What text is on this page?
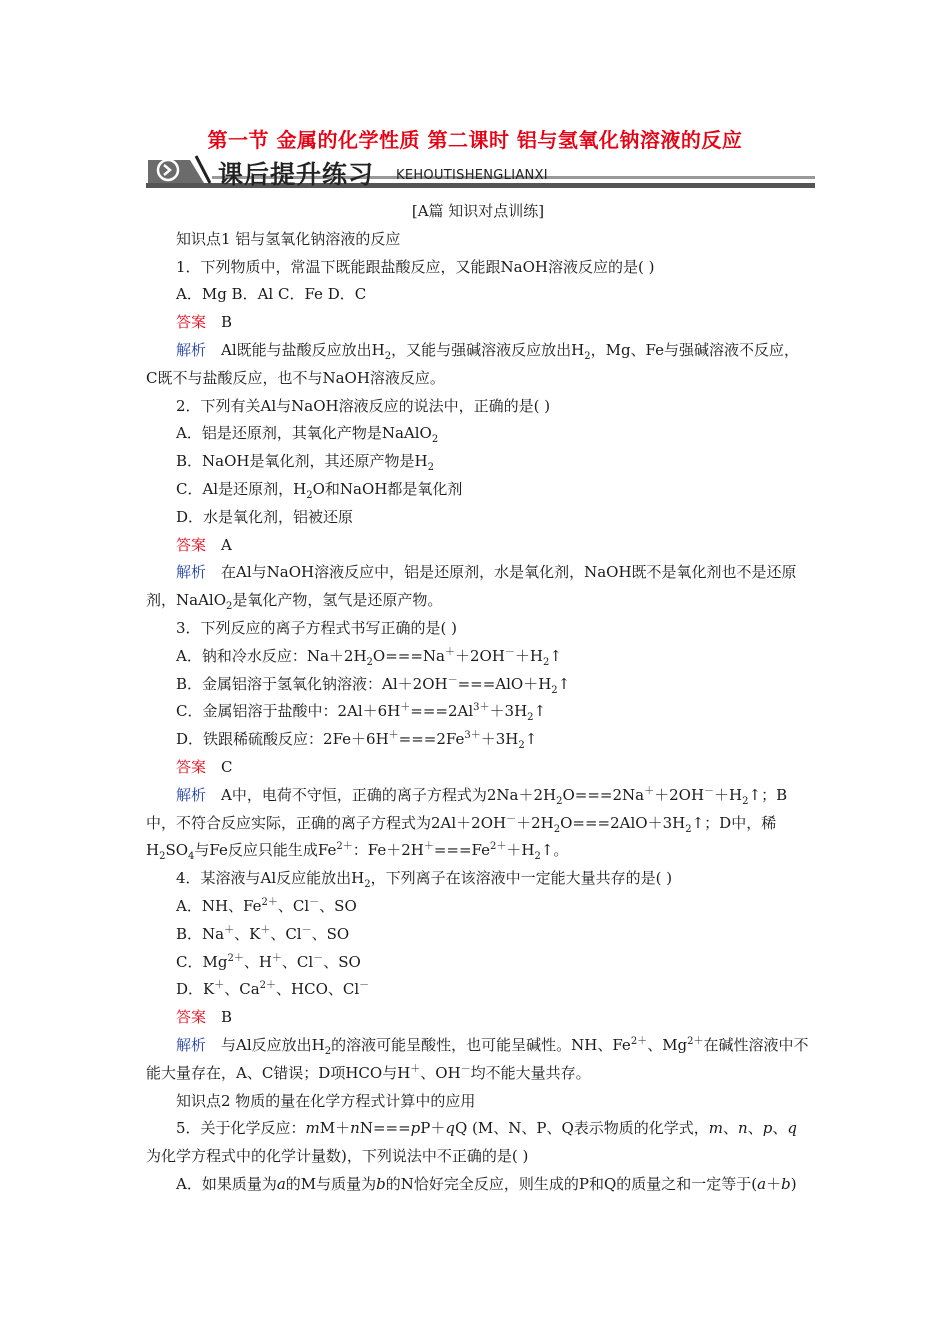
第一节 金属的化学性质 第二课时 铝与氢氧化钠溶液的反应
课后提升练习 KEHOUTISHENGLIANXI

[A篇 知识对点训练]

知识点1 铝与氢氧化钠溶液的反应

1．下列物质中，常温下既能跟盐酸反应，又能跟NaOH溶液反应的是( )

A．Mg B．Al C．Fe D．C

答案　 B

解析　 Al既能与盐酸反应放出$H_2$，又能与强碱溶液反应放出$H_2$，Mg、Fe与强碱溶液不反应，C既不与盐酸反应，也不与NaOH溶液反应。

2．下列有关Al与NaOH溶液反应的说法中，正确的是( )

A．铝是还原剂，其氧化产物是NaAlO$_2$

B．NaOH是氧化剂，其还原产物是$H_2$

C．Al是还原剂，$H_2O$和NaOH都是氧化剂

D．水是氧化剂，铝被还原

答案　 A

解析　 在Al与NaOH溶液反应中，铝是还原剂，水是氧化剂，NaOH既不是氧化剂也不是还原剂，NaAlO$_2$是氧化产物，氢气是还原产物。

3．下列反应的离子方程式书写正确的是( )

A．钠和冷水反应：$Na+2H_2O===Na^++2OH^-+H_2↑$

B．金属铝溶于氢氧化钠溶液：$Al+2OH^-===AlO+H_2↑$

C．金属铝溶于盐酸中：$2Al+6H^+===2Al^{3+}+3H_2↑$

D．铁跟稀硫酸反应：$2Fe+6H^+===2Fe^{3+}+3H_2↑$

答案　 C

解析　 A中，电荷不守恒，正确的离子方程式为$2Na+2H_2O===2Na^++2OH^-+H_2↑$；B中，不符合反应实际，正确的离子方程式为$2Al+2OH^-+2H_2O===2AlO+3H_2↑$；D中，稀$H_2SO_4$与Fe反应只能生成$Fe^{2+}$：$Fe+2H^+===Fe^{2+}+H_2↑$。

4．某溶液与Al反应能放出$H_2$，下列离子在该溶液中一定能大量共存的是( )

A．NH、$Fe^{2+}$、Cl－、SO

B．Na＋、K＋、Cl－、SO

C．$Mg^{2+}$、H＋、Cl－、SO

D．K＋、$Ca^{2+}$、HCO、Cl－

答案　 B

解析　 与Al反应放出$H_2$的溶液可能呈酸性，也可能呈碱性。NH、$Fe^{2+}$、$Mg^{2+}$在碱性溶液中不能大量存在，A、C错误；D项HCO与H＋、OH－均不能大量共存。

知识点2 物质的量在化学方程式计算中的应用

5．关于化学反应：mM＋nN===pP＋qQ (M、N、P、Q表示物质的化学式，m、n、p、q为化学方程式中的化学计量数)，下列说法中不正确的是( )

A．如果质量为a的M与质量为b的N恰好完全反应，则生成的P和Q的质量之和一定等于(a＋b)
